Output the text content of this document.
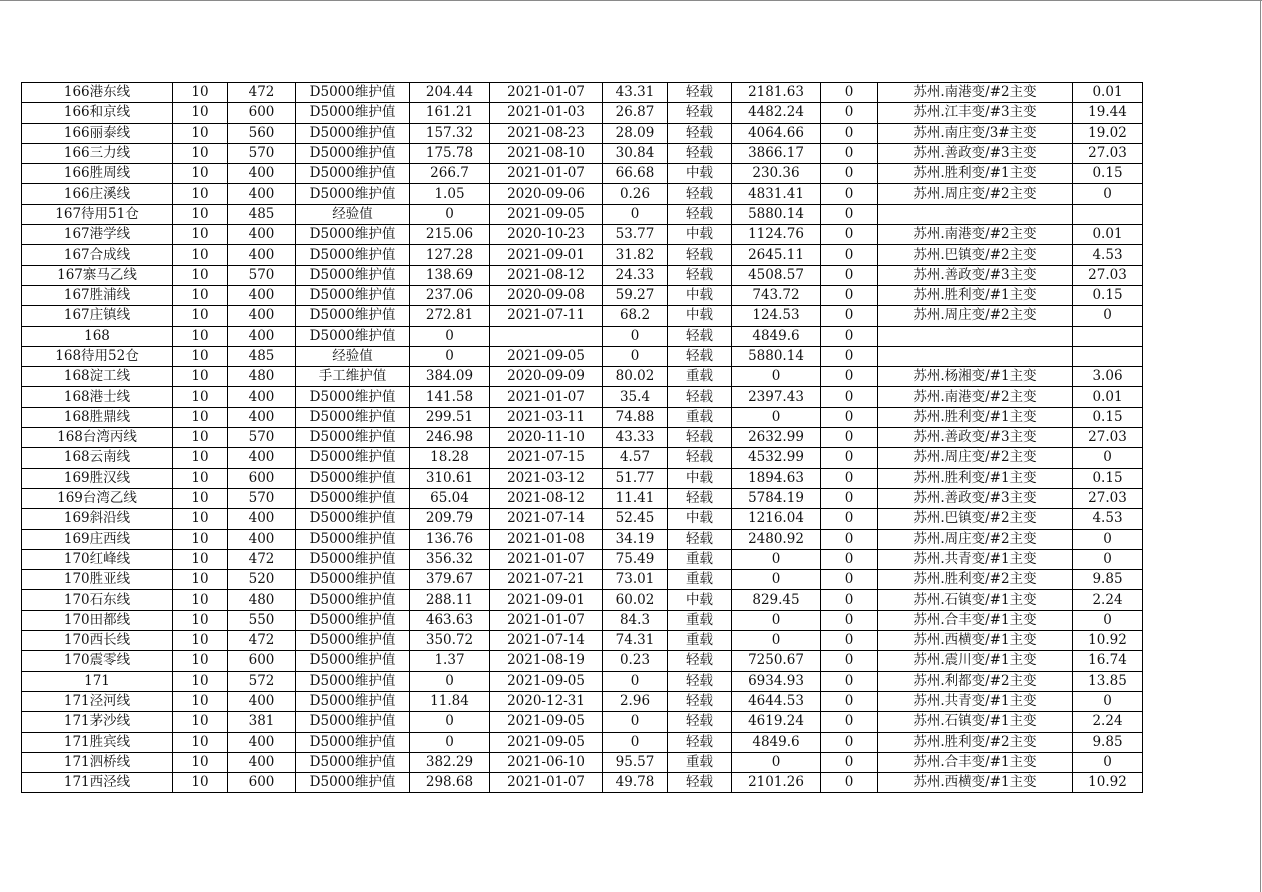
166港东线	10	472	D5000维护值	204.44	2021-01-07	43.31	轻载	2181.63	0	苏州.南港变/#2主变	0.01
166和京线	10	600	D5000维护值	161.21	2021-01-03	26.87	轻载	4482.24	0	苏州.江丰变/#3主变	19.44
166丽泰线	10	560	D5000维护值	157.32	2021-08-23	28.09	轻载	4064.66	0	苏州.南庄变/3#主变	19.02
166三力线	10	570	D5000维护值	175.78	2021-08-10	30.84	轻载	3866.17	0	苏州.善政变/#3主变	27.03
166胜周线	10	400	D5000维护值	266.7	2021-01-07	66.68	中载	230.36	0	苏州.胜利变/#1主变	0.15
166庄溪线	10	400	D5000维护值	1.05	2020-09-06	0.26	轻载	4831.41	0	苏州.周庄变/#2主变	0
167待用51仓	10	485	经验值	0	2021-09-05	0	轻载	5880.14	0		
167港学线	10	400	D5000维护值	215.06	2020-10-23	53.77	中载	1124.76	0	苏州.南港变/#2主变	0.01
167合成线	10	400	D5000维护值	127.28	2021-09-01	31.82	轻载	2645.11	0	苏州.巴镇变/#2主变	4.53
167寨马乙线	10	570	D5000维护值	138.69	2021-08-12	24.33	轻载	4508.57	0	苏州.善政变/#3主变	27.03
167胜浦线	10	400	D5000维护值	237.06	2020-09-08	59.27	中载	743.72	0	苏州.胜利变/#1主变	0.15
167庄镇线	10	400	D5000维护值	272.81	2021-07-11	68.2	中载	124.53	0	苏州.周庄变/#2主变	0
168	10	400	D5000维护值	0		0	轻载	4849.6	0		
168待用52仓	10	485	经验值	0	2021-09-05	0	轻载	5880.14	0		
168淀工线	10	480	手工维护值	384.09	2020-09-09	80.02	重载	0	0	苏州.杨湘变/#1主变	3.06
168港士线	10	400	D5000维护值	141.58	2021-01-07	35.4	轻载	2397.43	0	苏州.南港变/#2主变	0.01
168胜鼎线	10	400	D5000维护值	299.51	2021-03-11	74.88	重载	0	0	苏州.胜利变/#1主变	0.15
168台湾丙线	10	570	D5000维护值	246.98	2020-11-10	43.33	轻载	2632.99	0	苏州.善政变/#3主变	27.03
168云南线	10	400	D5000维护值	18.28	2021-07-15	4.57	轻载	4532.99	0	苏州.周庄变/#2主变	0
169胜汉线	10	600	D5000维护值	310.61	2021-03-12	51.77	中载	1894.63	0	苏州.胜利变/#1主变	0.15
169台湾乙线	10	570	D5000维护值	65.04	2021-08-12	11.41	轻载	5784.19	0	苏州.善政变/#3主变	27.03
169斜沿线	10	400	D5000维护值	209.79	2021-07-14	52.45	中载	1216.04	0	苏州.巴镇变/#2主变	4.53
169庄西线	10	400	D5000维护值	136.76	2021-01-08	34.19	轻载	2480.92	0	苏州.周庄变/#2主变	0
170红峰线	10	472	D5000维护值	356.32	2021-01-07	75.49	重载	0	0	苏州.共青变/#1主变	0
170胜亚线	10	520	D5000维护值	379.67	2021-07-21	73.01	重载	0	0	苏州.胜利变/#2主变	9.85
170石东线	10	480	D5000维护值	288.11	2021-09-01	60.02	中载	829.45	0	苏州.石镇变/#1主变	2.24
170田都线	10	550	D5000维护值	463.63	2021-01-07	84.3	重载	0	0	苏州.合丰变/#1主变	0
170西长线	10	472	D5000维护值	350.72	2021-07-14	74.31	重载	0	0	苏州.西横变/#1主变	10.92
170震零线	10	600	D5000维护值	1.37	2021-08-19	0.23	轻载	7250.67	0	苏州.震川变/#1主变	16.74
171	10	572	D5000维护值	0	2021-09-05	0	轻载	6934.93	0	苏州.利都变/#2主变	13.85
171泾河线	10	400	D5000维护值	11.84	2020-12-31	2.96	轻载	4644.53	0	苏州.共青变/#1主变	0
171茅沙线	10	381	D5000维护值	0	2021-09-05	0	轻载	4619.24	0	苏州.石镇变/#1主变	2.24
171胜宾线	10	400	D5000维护值	0	2021-09-05	0	轻载	4849.6	0	苏州.胜利变/#2主变	9.85
171泗桥线	10	400	D5000维护值	382.29	2021-06-10	95.57	重载	0	0	苏州.合丰变/#1主变	0
171西泾线	10	600	D5000维护值	298.68	2021-01-07	49.78	轻载	2101.26	0	苏州.西横变/#1主变	10.92
